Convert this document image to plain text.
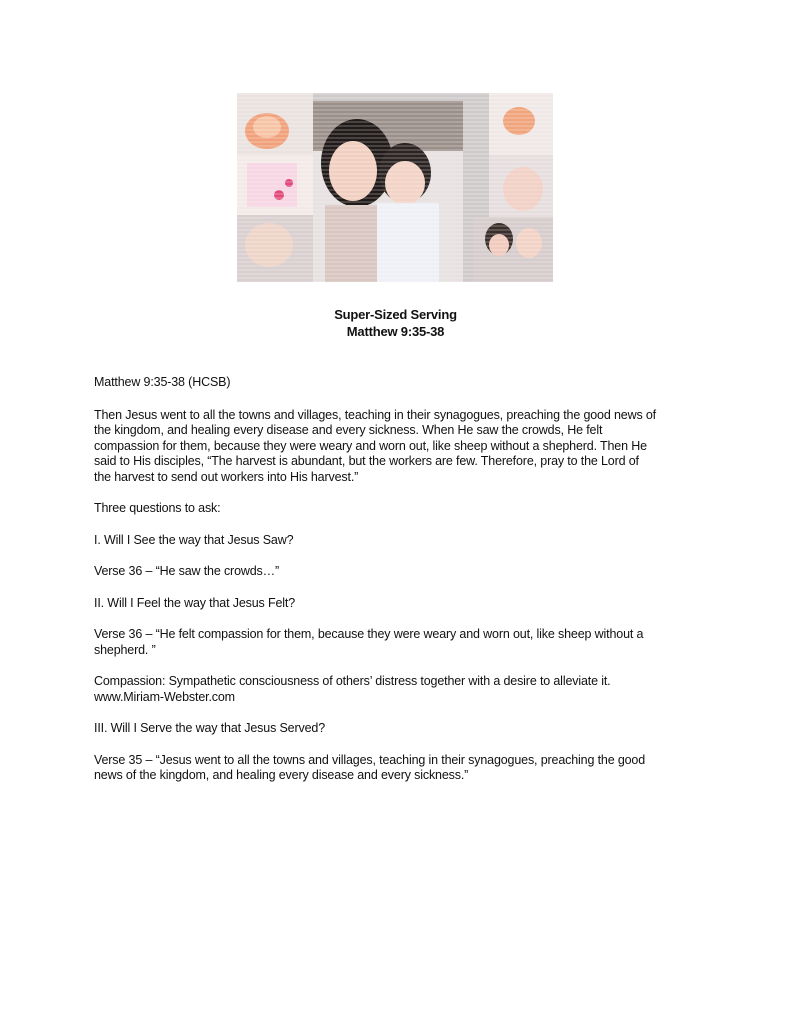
Super-Sized Serving
Matthew 9:35-38

Matthew 9:35-38 (HCSB)

Then Jesus went to all the towns and villages, teaching in their synagogues, preaching the good news of
the kingdom, and healing every disease and every sickness. When He saw the crowds, He felt
compassion for them, because they were weary and worn out, like sheep without a shepherd. Then He
said to His disciples, “The harvest is abundant, but the workers are few. Therefore, pray to the Lord of
the harvest to send out workers into His harvest.”

Three questions to ask:

I. Will I See the way that Jesus Saw?

Verse 36 – “He saw the crowds…”

II. Will I Feel the way that Jesus Felt?

Verse 36 – “He felt compassion for them, because they were weary and worn out, like sheep without a
shepherd. ”

Compassion: Sympathetic consciousness of others’ distress together with a desire to alleviate it.
www.Miriam-Webster.com

III. Will I Serve the way that Jesus Served?

Verse 35 – “Jesus went to all the towns and villages, teaching in their synagogues, preaching the good
news of the kingdom, and healing every disease and every sickness.”
